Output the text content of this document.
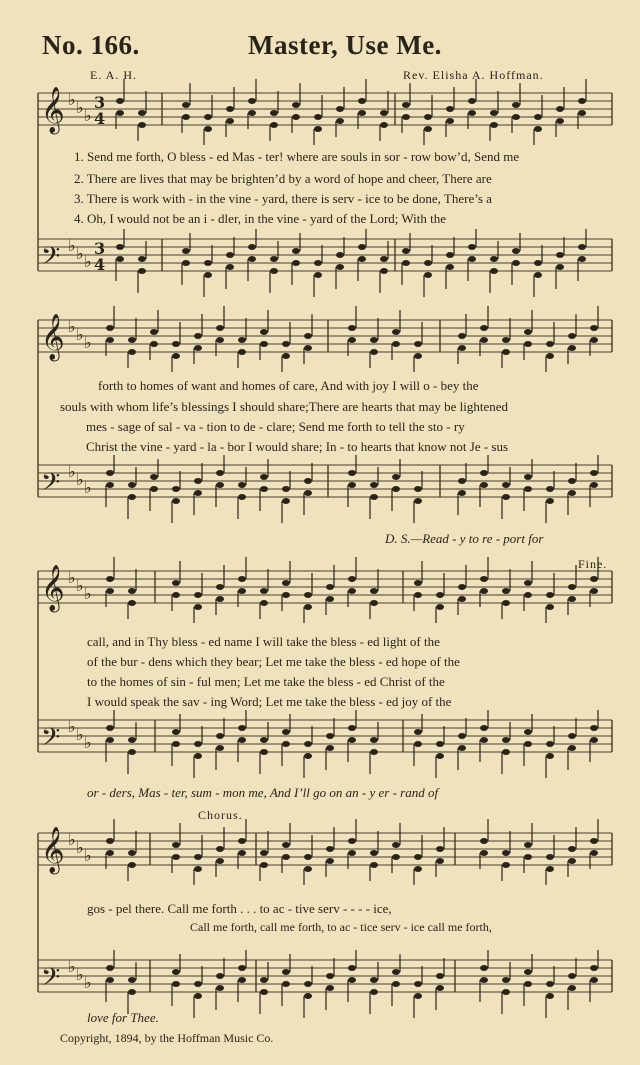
No. 166.	Master, Use Me.
E. A. H.	Rev. Elisha A. Hoffman.
𝄞 ♭ ♭ ♭
3
4
𝄢 ♭ ♭ ♭
3
4
𝄞 ♭ ♭ ♭
𝄢 ♭ ♭ ♭
𝄞 ♭ ♭ ♭
𝄢 ♭ ♭ ♭
𝄞 ♭ ♭ ♭
𝄢 ♭ ♭ ♭
1. Send me forth, O bless - ed Mas - ter! where are souls in sor - row bow’d, Send me
2. There are lives that may be brighten’d by a word of hope and cheer, There are
3. There is work with - in the vine - yard, there is serv - ice to be done, There’s a
4. Oh, I would not be an i - dler, in the vine - yard of the Lord; With the
forth to homes of want and homes of care, And with joy I will o - bey the
souls with whom life’s blessings I should share;There are hearts that may be lightened
mes - sage of sal - va - tion to de - clare; Send me forth to tell the sto - ry
Christ the vine - yard - la - bor I would share; In - to hearts that know not Je - sus
D. S.—Read - y to re - port for
Fine.
call, and in Thy bless - ed name I will take the bless - ed light of the
of the bur - dens which they bear; Let me take the bless - ed hope of the
to the homes of sin - ful men; Let me take the bless - ed Christ of the
I would speak the sav - ing Word; Let me take the bless - ed joy of the
or - ders, Mas - ter, sum - mon me, And I’ll go on an - y er - rand of
Chorus.
gos - pel there. Call me forth . . . to ac - tive serv - - - - ice,
Call me forth, call me forth, to ac - tice serv - ice call me forth,
love for Thee.
Copyright, 1894, by the Hoffman Music Co.
